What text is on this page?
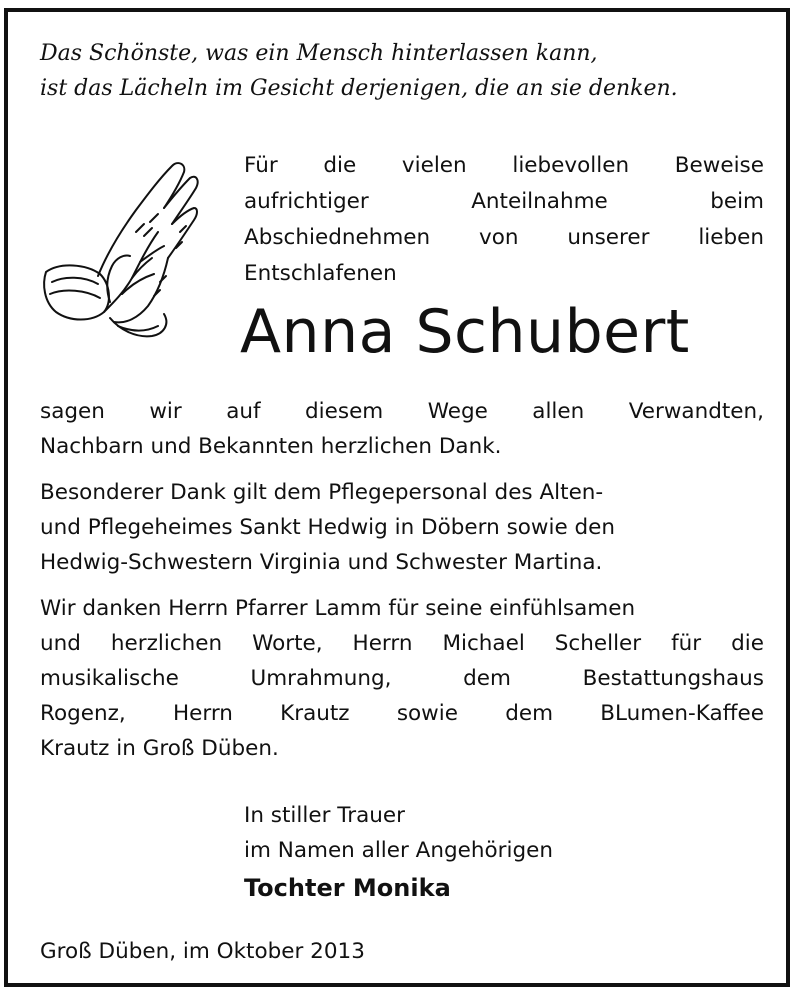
Das Schönste, was ein Mensch hinterlassen kann,
ist das Lächeln im Gesicht derjenigen, die an sie denken.
Für die vielen liebevollen Beweise
aufrichtiger	Anteilnahme	beim
Abschiednehmen von unserer lieben
Entschlafenen
Anna Schubert

sagen wir auf diesem Wege allen Verwandten,
Nachbarn und Bekannten herzlichen Dank.

Besonderer Dank gilt dem Pflegepersonal des Alten-
und Pflegeheimes Sankt Hedwig in Döbern sowie den
Hedwig-Schwestern Virginia und Schwester Martina.

Wir danken Herrn Pfarrer Lamm für seine einfühlsamen
und herzlichen Worte, Herrn Michael Scheller für die
musikalische	Umrahmung,	dem	Bestattungshaus
Rogenz, Herrn Krautz sowie dem BLumen-Kaffee
Krautz in Groß Düben.

In stiller Trauer
im Namen aller Angehörigen
Tochter Monika
Groß Düben, im Oktober 2013
